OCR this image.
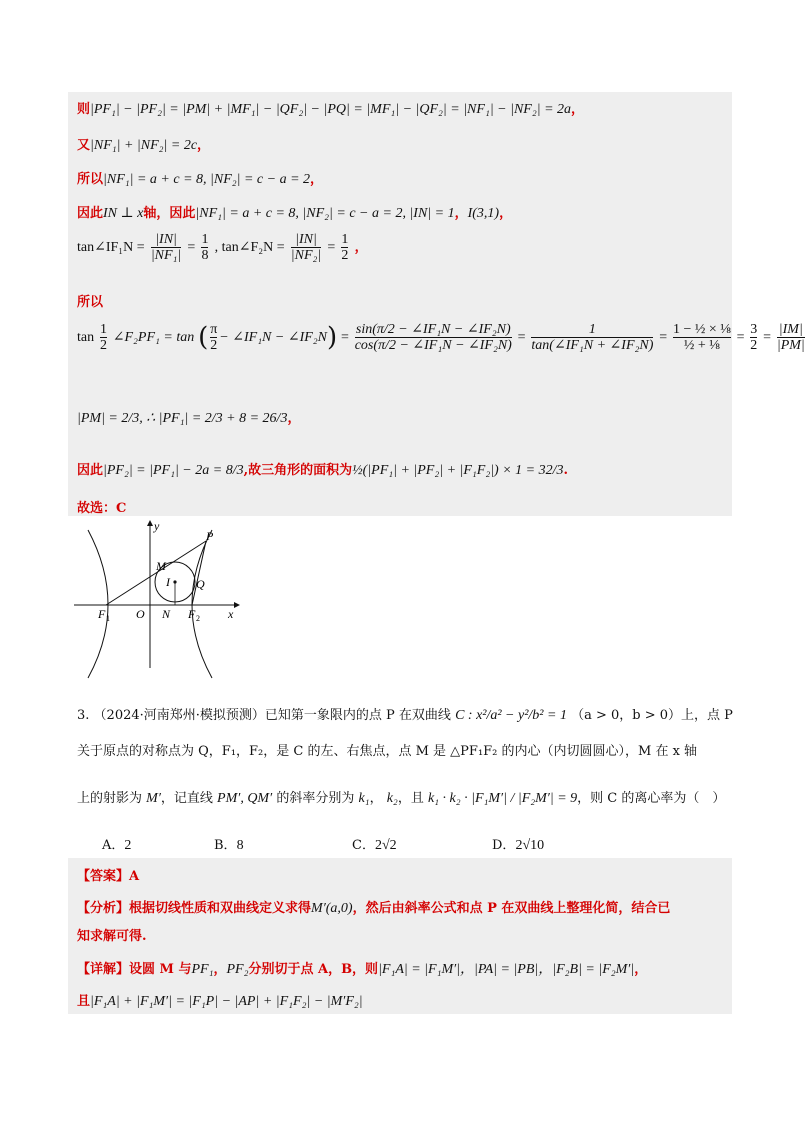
则|PF₁| − |PF₂| = |PM| + |MF₁| − |QF₂| − |PQ| = |MF₁| − |QF₂| = |NF₁| − |NF₂| = 2a，
又|NF₁| + |NF₂| = 2c，
所以|NF₁| = a + c = 8, |NF₂| = c − a = 2，
因此IN ⊥ x轴，因此|NF₁| = a + c = 8, |NF₂| = c − a = 2, |IN| = 1，I(3,1)，
tan∠IF₁N = $\frac{|IN|}{\text{|NF₁|}} = \frac{1}{8}$ , tan∠F₂N = $\frac{|IN|}{\text{|NF₂|}} = \frac{1}{2}$ ，
所以
$\tan \frac{1}{2}$ ∠F₂PF₁ = tan ( $\frac{\pi}{2}$ − ∠IF₁N − ∠IF₂N) = $\frac{\text{sin(π/2 − ∠IF₁N − ∠IF₂N)}}{\text{cos(π/2 − ∠IF₁N − ∠IF₂N)}} = \frac{1}{\text{tan(∠IF₁N + ∠IF₂N)}} = \frac{\text{1 − ½ × ⅛}}{\text{½ + ⅛}} = \frac{3}{2} = \frac{|IM|}{|PM|}$
|PM| = 2/3, ∴ |PF₁| = 2/3 + 8 = 26/3，
因此|PF₂| = |PF₁| − 2a = 8/3,故三角形的面积为½(|PF₁| + |PF₂| + |F₁F₂|) × 1 = 32/3.
故选：C
y
x
O
P
M
I Q
N
F 1	F 2
3. （2024·河南郑州·模拟预测）已知第一象限内的点 P 在双曲线 C : x²/a² − y²/b² = 1 （a > 0，b > 0）上，点 P
关于原点的对称点为 Q，F₁，F₂，是 C 的左、右焦点，点 M 是 △PF₁F₂ 的内心（内切圆圆心），M 在 x 轴
上的射影为 M′，记直线 PM′, QM′ 的斜率分别为 k₁， k₂，且 k₁ · k₂ · |F₁M′| / |F₂M′| = 9，则 C 的离心率为（　）
A．2	B．8	C．2√2	D．2√10
【答案】A
【分析】根据切线性质和双曲线定义求得M′(a,0)，然后由斜率公式和点 P 在双曲线上整理化简，结合已
知求解可得.
【详解】设圆 M 与PF₁，PF₂分别切于点 A，B，则|F₁A| = |F₁M′|，|PA| = |PB|，|F₂B| = |F₂M′|，
且|F₁A| + |F₁M′| = |F₁P| − |AP| + |F₁F₂| − |M′F₂|
